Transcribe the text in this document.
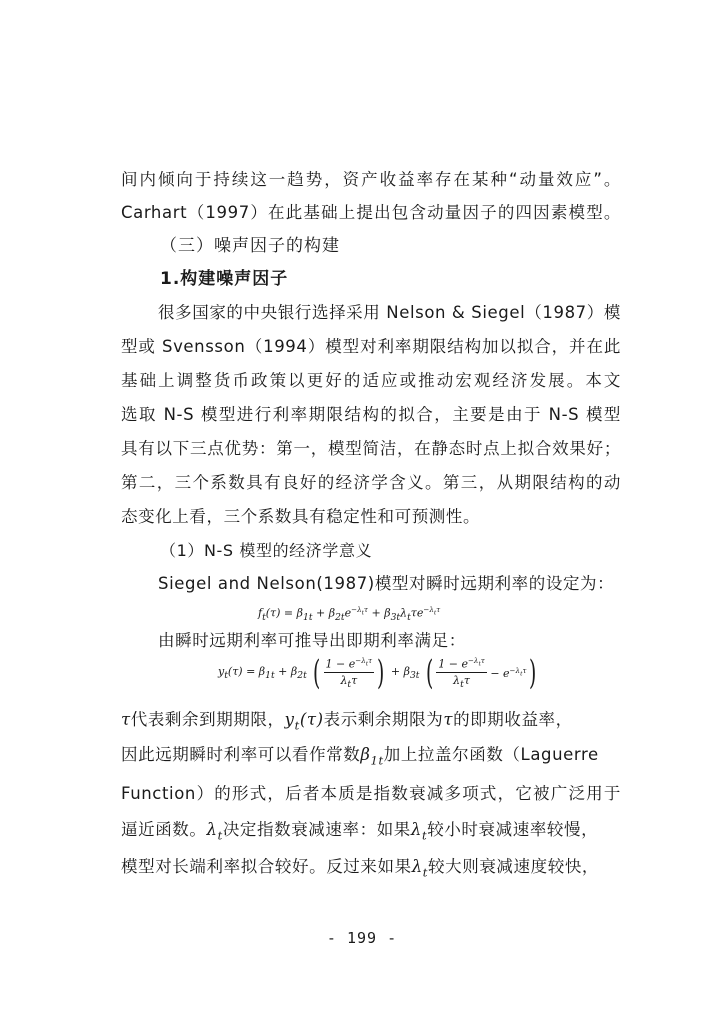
间内倾向于持续这一趋势，资产收益率存在某种“动量效应”。
Carhart（1997）在此基础上提出包含动量因子的四因素模型。
（三）噪声因子的构建
1.构建噪声因子
很多国家的中央银行选择采用 Nelson & Siegel（1987）模
型或 Svensson（1994）模型对利率期限结构加以拟合，并在此
基础上调整货币政策以更好的适应或推动宏观经济发展。本文
选取 N-S 模型进行利率期限结构的拟合，主要是由于 N-S 模型
具有以下三点优势：第一，模型简洁，在静态时点上拟合效果好；
第二，三个系数具有良好的经济学含义。第三，从期限结构的动
态变化上看，三个系数具有稳定性和可预测性。
（1）N-S 模型的经济学意义
Siegel and Nelson(1987)模型对瞬时远期利率的设定为：
$f_t(\tau) = \beta_{1t} + \beta_{2t}e^{-\lambda_t\tau} + \beta_{3t}\lambda_t\tau e^{-\lambda_t\tau}$
由瞬时远期利率可推导出即期利率满足：
$y_t(\tau) = \beta_{1t} + \beta_{2t}$ ( $\frac{1 - e^{-\lambda_t\tau}}{\lambda_t\tau}$ ) + $\beta_{3t}$ ( $\frac{1 - e^{-\lambda_t\tau}}{\lambda_t\tau} - e^{-\lambda_t\tau}$)
τ代表剩余到期期限，$y_t(\tau)$表示剩余期限为τ的即期收益率，
因此远期瞬时利率可以看作常数$\beta_{1t}$加上拉盖尔函数（Laguerre
Function）的形式，后者本质是指数衰减多项式，它被广泛用于
逼近函数。$\lambda_t$决定指数衰减速率：如果$\lambda_t$较小时衰减速率较慢，
模型对长端利率拟合较好。反过来如果$\lambda_t$较大则衰减速度较快，
- 199 -
